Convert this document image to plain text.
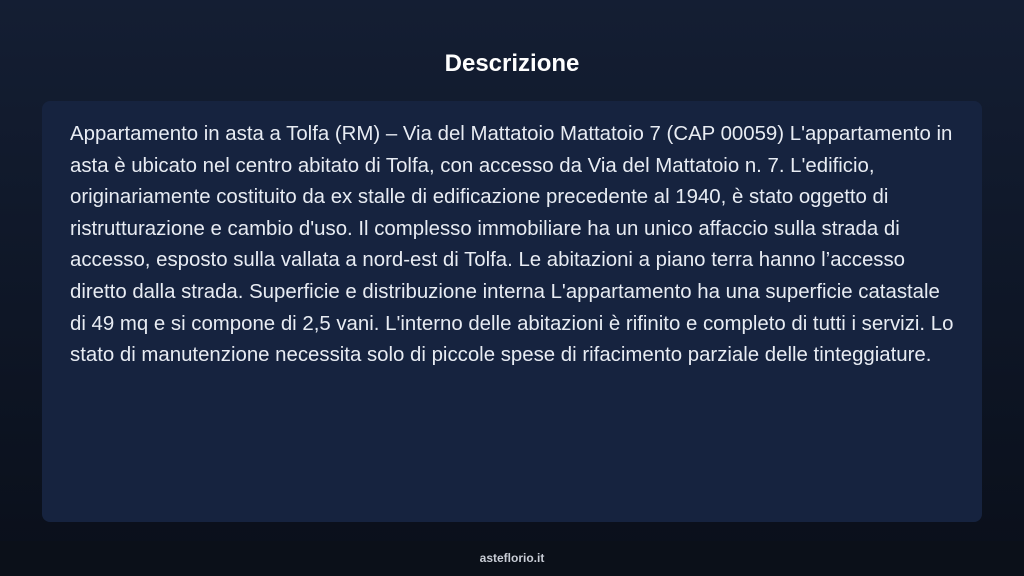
Descrizione

Appartamento in asta a Tolfa (RM) – Via del Mattatoio Mattatoio 7 (CAP 00059) L'appartamento in asta è ubicato nel centro abitato di Tolfa, con accesso da Via del Mattatoio n. 7. L'edificio, originariamente costituito da ex stalle di edificazione precedente al 1940, è stato oggetto di ristrutturazione e cambio d'uso. Il complesso immobiliare ha un unico affaccio sulla strada di accesso, esposto sulla vallata a nord-est di Tolfa. Le abitazioni a piano terra hanno l’accesso diretto dalla strada. Superficie e distribuzione interna L'appartamento ha una superficie catastale di 49 mq e si compone di 2,5 vani. L'interno delle abitazioni è rifinito e completo di tutti i servizi. Lo stato di manutenzione necessita solo di piccole spese di rifacimento parziale delle tinteggiature.

asteflorio.it
